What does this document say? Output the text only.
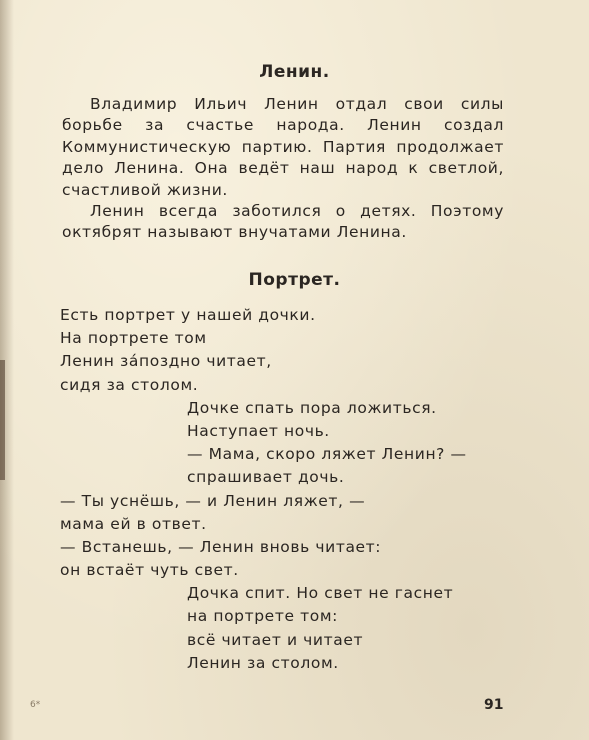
Ленин.

Владимир Ильич Ленин отдал свои силы борьбе за счастье народа. Ленин создал Коммунистическую партию. Партия продолжает дело Ленина. Она ведёт наш народ к светлой, счастливой жизни.

Ленин всегда заботился о детях. Поэтому октябрят называют внучатами Ленина.

Портрет.
Есть портрет у нашей дочки.
На портрете том
Ленин за́поздно читает,
сидя за столом.
Дочке спать пора ложиться.
Наступает ночь.
— Мама, скоро ляжет Ленин? —
спрашивает дочь.
— Ты уснёшь, — и Ленин ляжет, —
мама ей в ответ.
— Встанешь, — Ленин вновь читает:
он встаёт чуть свет.
Дочка спит. Но свет не гаснет
на портрете том:
всё читает и читает
Ленин за столом.
6*	91
